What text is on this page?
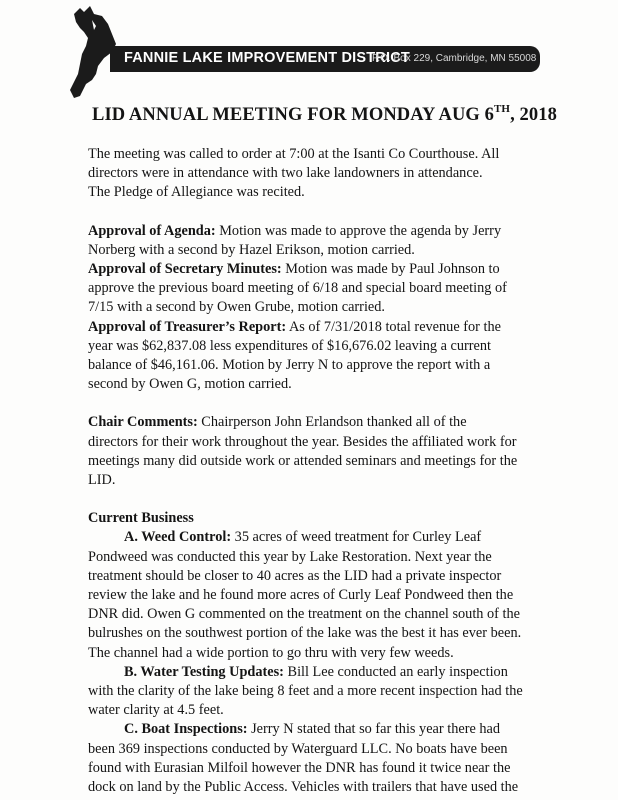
FANNIE LAKE IMPROVEMENT DISTRICT
P.O. Box 229, Cambridge, MN 55008
LID ANNUAL MEETING FOR MONDAY AUG 6TH, 2018

The meeting was called to order at 7:00 at the Isanti Co Courthouse. All

directors were in attendance with two lake landowners in attendance.

The Pledge of Allegiance was recited.

Approval of Agenda: Motion was made to approve the agenda by Jerry

Norberg with a second by Hazel Erikson, motion carried.

Approval of Secretary Minutes: Motion was made by Paul Johnson to

approve the previous board meeting of 6/18 and special board meeting of

7/15 with a second by Owen Grube, motion carried.

Approval of Treasurer’s Report: As of 7/31/2018 total revenue for the

year was $62,837.08 less expenditures of $16,676.02 leaving a current

balance of $46,161.06. Motion by Jerry N to approve the report with a

second by Owen G, motion carried.

Chair Comments: Chairperson John Erlandson thanked all of the

directors for their work throughout the year. Besides the affiliated work for

meetings many did outside work or attended seminars and meetings for the

LID.

Current Business

A. Weed Control: 35 acres of weed treatment for Curley Leaf

Pondweed was conducted this year by Lake Restoration. Next year the

treatment should be closer to 40 acres as the LID had a private inspector

review the lake and he found more acres of Curly Leaf Pondweed then the

DNR did. Owen G commented on the treatment on the channel south of the

bulrushes on the southwest portion of the lake was the best it has ever been.

The channel had a wide portion to go thru with very few weeds.

B. Water Testing Updates: Bill Lee conducted an early inspection

with the clarity of the lake being 8 feet and a more recent inspection had the

water clarity at 4.5 feet.

C. Boat Inspections: Jerry N stated that so far this year there had

been 369 inspections conducted by Waterguard LLC. No boats have been

found with Eurasian Milfoil however the DNR has found it twice near the

dock on land by the Public Access. Vehicles with trailers that have used the
